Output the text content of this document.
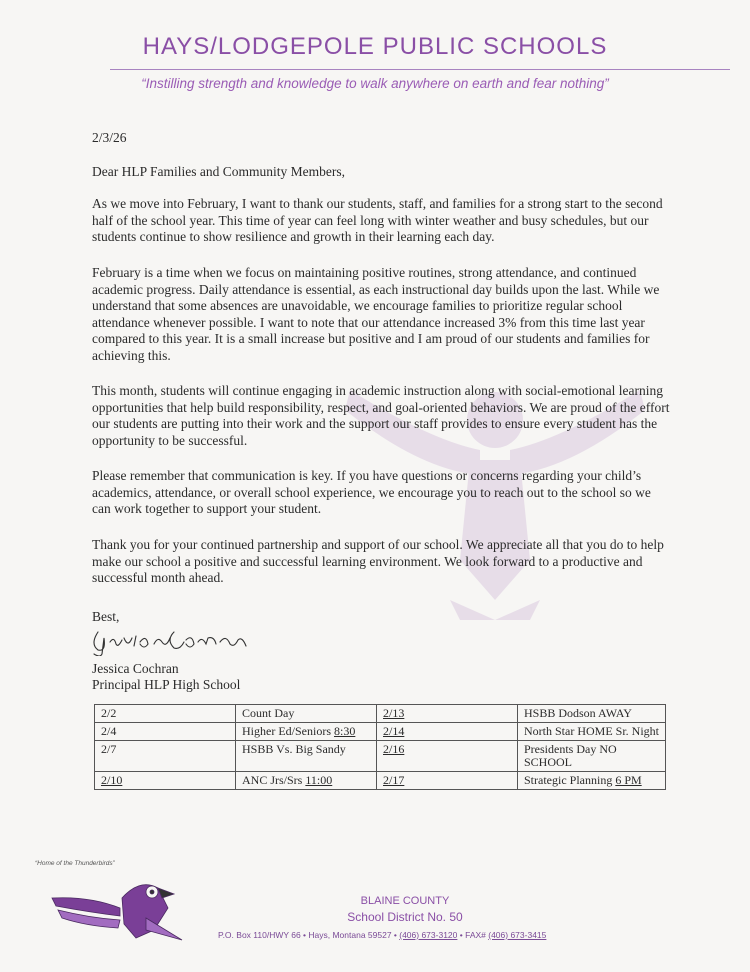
HAYS/LODGEPOLE PUBLIC SCHOOLS
“Instilling strength and knowledge to walk anywhere on earth and fear nothing”
2/3/26
Dear HLP Families and Community Members,
As we move into February, I want to thank our students, staff, and families for a strong start to the second half of the school year. This time of year can feel long with winter weather and busy schedules, but our students continue to show resilience and growth in their learning each day.
February is a time when we focus on maintaining positive routines, strong attendance, and continued academic progress. Daily attendance is essential, as each instructional day builds upon the last. While we understand that some absences are unavoidable, we encourage families to prioritize regular school attendance whenever possible. I want to note that our attendance increased 3% from this time last year compared to this year. It is a small increase but positive and I am proud of our students and families for achieving this.
This month, students will continue engaging in academic instruction along with social-emotional learning opportunities that help build responsibility, respect, and goal-oriented behaviors. We are proud of the effort our students are putting into their work and the support our staff provides to ensure every student has the opportunity to be successful.
Please remember that communication is key. If you have questions or concerns regarding your child’s academics, attendance, or overall school experience, we encourage you to reach out to the school so we can work together to support your student.
Thank you for your continued partnership and support of our school. We appreciate all that you do to help make our school a positive and successful learning environment. We look forward to a productive and successful month ahead.
Best,
Jessica Cochran
Principal HLP High School
2/2	Count Day	2/13	HSBB Dodson AWAY
2/4	Higher Ed/Seniors 8:30	2/14	North Star HOME Sr. Night
2/7	HSBB Vs. Big Sandy	2/16	Presidents Day NO SCHOOL
2/10	ANC Jrs/Srs 11:00	2/17	Strategic Planning 6 PM
“Home of the Thunderbirds”
BLAINE COUNTY
School District No. 50
P.O. Box 110/HWY 66 • Hays, Montana 59527 • (406) 673-3120 • FAX# (406) 673-3415
